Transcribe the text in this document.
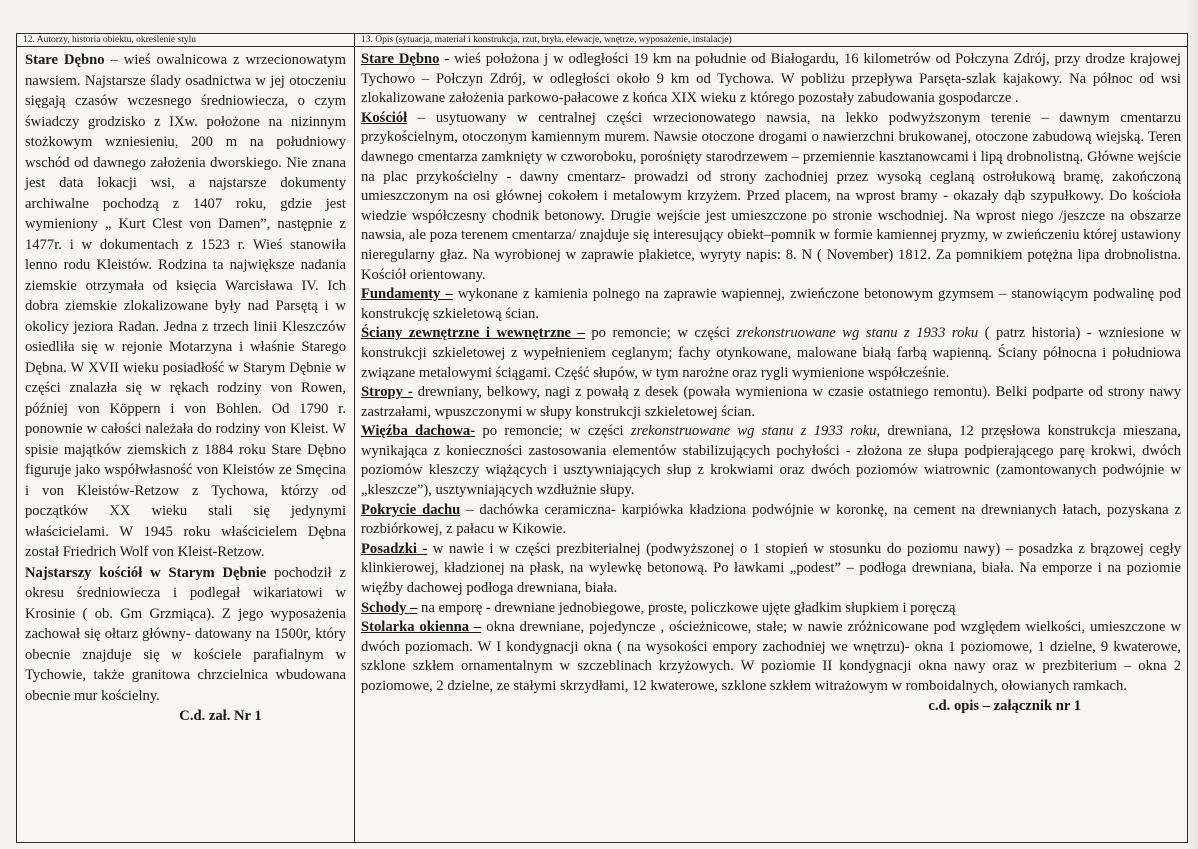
12. Autorzy, historia obiektu, określenie stylu

Stare Dębno – wieś owalnicowa z wrzecionowatym nawsiem. Najstarsze ślady osadnictwa w jej otoczeniu sięgają czasów wczesnego średniowiecza, o czym świadczy grodzisko z IXw. położone na nizinnym stożkowym wzniesieniu, 200 m na południowy wschód od dawnego założenia dworskiego. Nie znana jest data lokacji wsi, a najstarsze dokumenty archiwalne pochodzą z 1407 roku, gdzie jest wymieniony „ Kurt Clest von Damen”, następnie z 1477r. i w dokumentach z 1523 r. Wieś stanowiła lenno rodu Kleistów. Rodzina ta największe nadania ziemskie otrzymała od księcia Warcisława IV. Ich dobra ziemskie zlokalizowane były nad Parsętą i w okolicy jeziora Radan. Jedna z trzech linii Kleszczów osiedliła się w rejonie Motarzyna i właśnie Starego Dębna. W XVII wieku posiadłość w Starym Dębnie w części znalazła się w rękach rodziny von Rowen, później von Köppern i von Bohlen. Od 1790 r. ponownie w całości należała do rodziny von Kleist. W spisie majątków ziemskich z 1884 roku Stare Dębno figuruje jako współwłasność von Kleistów ze Smęcina i von Kleistów-Retzow z Tychowa, którzy od początków XX wieku stali się jedynymi właścicielami. W 1945 roku właścicielem Dębna został Friedrich Wolf von Kleist-Retzow.

Najstarszy kościół w Starym Dębnie pochodził z okresu średniowiecza i podlegał wikariatowi w Krosinie ( ob. Gm Grzmiąca). Z jego wyposażenia zachował się ołtarz główny- datowany na 1500r, który obecnie znajduje się w kościele parafialnym w Tychowie, także granitowa chrzcielnica wbudowana obecnie mur kościelny.

C.d. zał. Nr 1
13. Opis (sytuacja, materiał i konstrukcja, rzut, bryła, elewacje, wnętrze, wyposażenie, instalacje)

Stare Dębno - wieś położona j w odległości 19 km na południe od Białogardu, 16 kilometrów od Połczyna Zdrój, przy drodze krajowej Tychowo – Połczyn Zdrój, w odległości około 9 km od Tychowa. W pobliżu przepływa Parsęta-szlak kajakowy. Na północ od wsi zlokalizowane założenia parkowo-pałacowe z końca XIX wieku z którego pozostały zabudowania gospodarcze .

Kościół – usytuowany w centralnej części wrzecionowatego nawsia, na lekko podwyższonym terenie – dawnym cmentarzu przykościelnym, otoczonym kamiennym murem. Nawsie otoczone drogami o nawierzchni brukowanej, otoczone zabudową wiejską. Teren dawnego cmentarza zamknięty w czworoboku, porośnięty starodrzewem – przemiennie kasztanowcami i lipą drobnolistną. Główne wejście na plac przykościelny - dawny cmentarz- prowadzi od strony zachodniej przez wysoką ceglaną ostrołukową bramę, zakończoną umieszczonym na osi głównej cokołem i metalowym krzyżem. Przed placem, na wprost bramy - okazały dąb szypułkowy. Do kościoła wiedzie współczesny chodnik betonowy. Drugie wejście jest umieszczone po stronie wschodniej. Na wprost niego /jeszcze na obszarze nawsia, ale poza terenem cmentarza/ znajduje się interesujący obiekt–pomnik w formie kamiennej pryzmy, w zwieńczeniu której ustawiony nieregularny głaz. Na wyrobionej w zaprawie plakietce, wyryty napis: 8. N ( November) 1812. Za pomnikiem potężna lipa drobnolistna. Kościół orientowany.

Fundamenty – wykonane z kamienia polnego na zaprawie wapiennej, zwieńczone betonowym gzymsem – stanowiącym podwalinę pod konstrukcję szkieletową ścian.

Ściany zewnętrzne i wewnętrzne – po remoncie; w części zrekonstruowane wg stanu z 1933 roku ( patrz historia) - wzniesione w konstrukcji szkieletowej z wypełnieniem ceglanym; fachy otynkowane, malowane białą farbą wapienną. Ściany północna i południowa związane metalowymi ściągami. Część słupów, w tym narożne oraz rygli wymienione współcześnie.

Stropy - drewniany, belkowy, nagi z powałą z desek (powała wymieniona w czasie ostatniego remontu). Belki podparte od strony nawy zastrzałami, wpuszczonymi w słupy konstrukcji szkieletowej ścian.

Więźba dachowa- po remoncie; w części zrekonstruowane wg stanu z 1933 roku, drewniana, 12 przęsłowa konstrukcja mieszana, wynikająca z konieczności zastosowania elementów stabilizujących pochyłości - złożona ze słupa podpierającego parę krokwi, dwóch poziomów kleszczy wiążących i usztywniających słup z krokwiami oraz dwóch poziomów wiatrownic (zamontowanych podwójnie w „kleszcze”), usztywniających wzdłużnie słupy.

Pokrycie dachu – dachówka ceramiczna- karpiówka kładziona podwójnie w koronkę, na cement na drewnianych łatach, pozyskana z rozbiórkowej, z pałacu w Kikowie.

Posadzki - w nawie i w części prezbiterialnej (podwyższonej o 1 stopień w stosunku do poziomu nawy) – posadzka z brązowej cegły klinkierowej, kładzionej na płask, na wylewkę betonową. Po ławkami „podest” – podłoga drewniana, biała. Na emporze i na poziomie więźby dachowej podłoga drewniana, biała.

Schody – na emporę - drewniane jednobiegowe, proste, policzkowe ujęte gładkim słupkiem i poręczą

Stolarka okienna – okna drewniane, pojedyncze , ościeżnicowe, stałe; w nawie zróżnicowane pod względem wielkości, umieszczone w dwóch poziomach. W I kondygnacji okna ( na wysokości empory zachodniej we wnętrzu)- okna 1 poziomowe, 1 dzielne, 9 kwaterowe, szklone szkłem ornamentalnym w szczeblinach krzyżowych. W poziomie II kondygnacji okna nawy oraz w prezbiterium – okna 2 poziomowe, 2 dzielne, ze stałymi skrzydłami, 12 kwaterowe, szklone szkłem witrażowym w romboidalnych, ołowianych ramkach.
c.d. opis – załącznik nr 1
